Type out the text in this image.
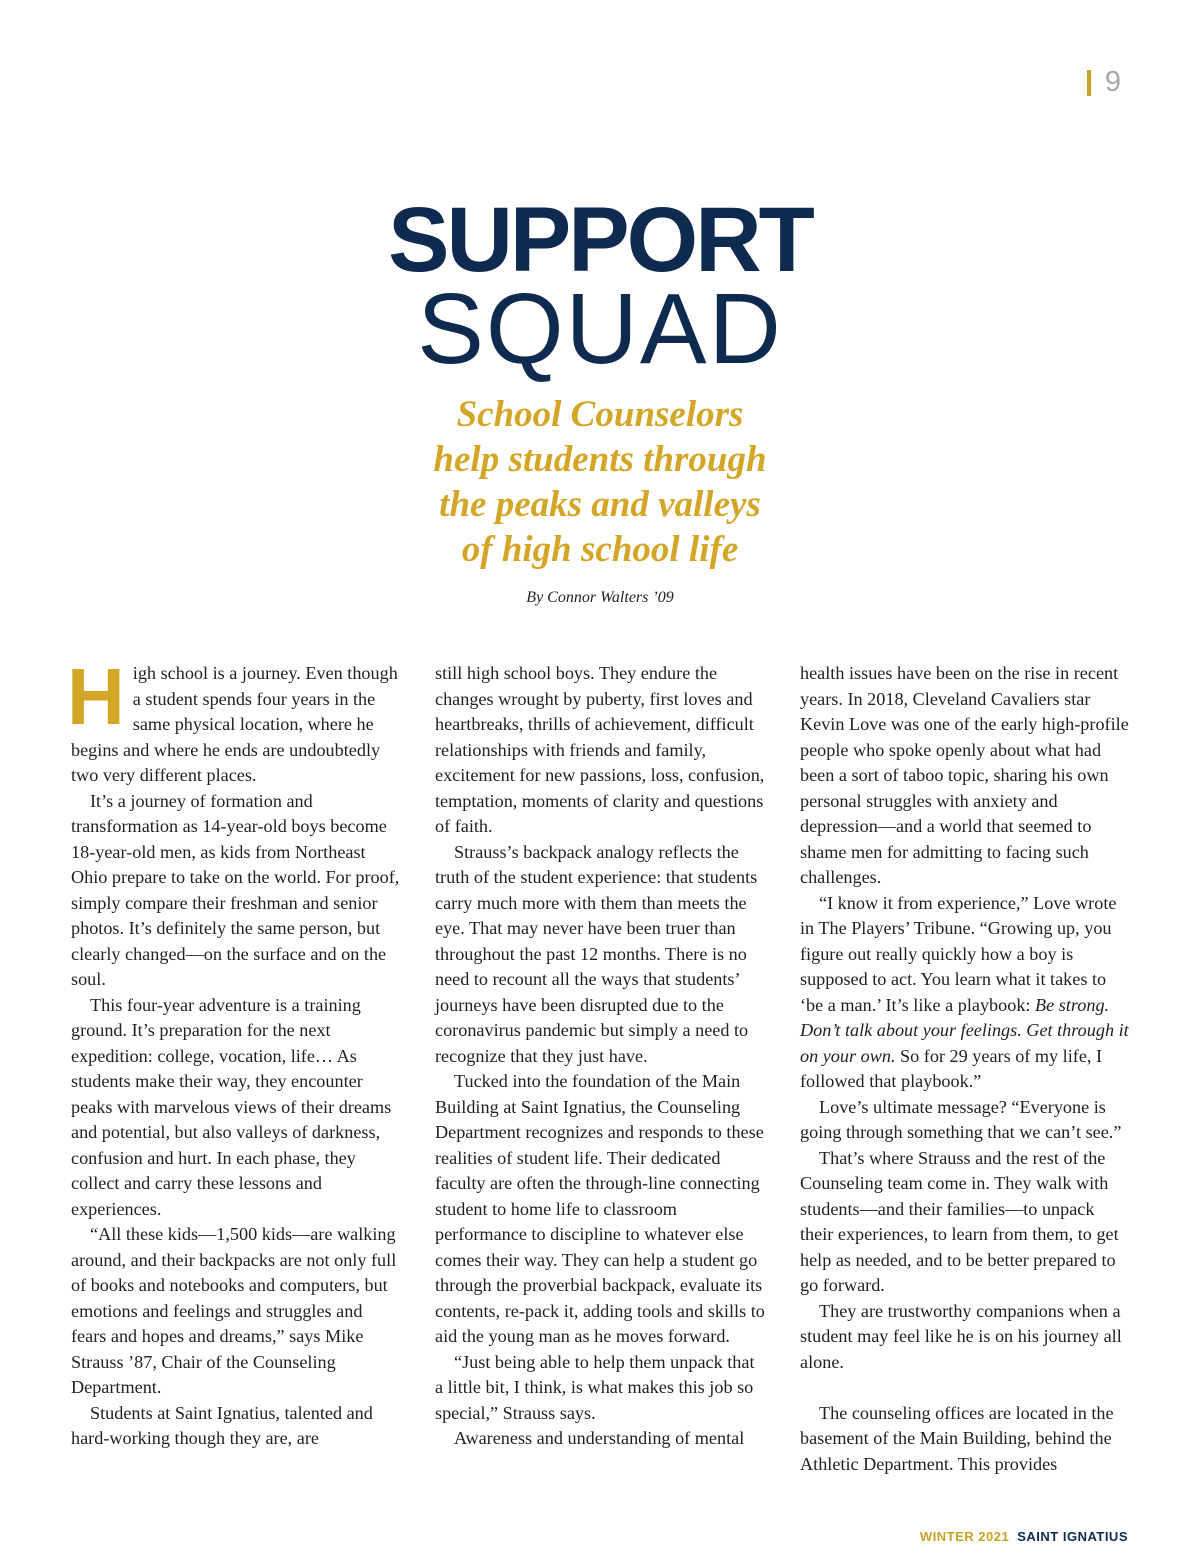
9
SUPPORT
SQUAD
School Counselors
help students through
the peaks and valleys
of high school life
By Connor Walters ’09

High school is a journey. Even though a student spends four years in the same physical location, where he begins and where he ends are undoubtedly two very different places.

It’s a journey of formation and transformation as 14-year-old boys become 18-year-old men, as kids from Northeast Ohio prepare to take on the world. For proof, simply compare their freshman and senior photos. It’s definitely the same person, but clearly changed—on the surface and on the soul.

This four-year adventure is a training ground. It’s preparation for the next expedition: college, vocation, life… As students make their way, they encounter peaks with marvelous views of their dreams and potential, but also valleys of darkness, confusion and hurt. In each phase, they collect and carry these lessons and experiences.

“All these kids—1,500 kids—are walking around, and their backpacks are not only full of books and notebooks and computers, but emotions and feelings and struggles and fears and hopes and dreams,” says Mike Strauss ’87, Chair of the Counseling Department.

Students at Saint Ignatius, talented and hard-working though they are, are

still high school boys. They endure the changes wrought by puberty, first loves and heartbreaks, thrills of achievement, difficult relationships with friends and family, excitement for new passions, loss, confusion, temptation, moments of clarity and questions of faith.

Strauss’s backpack analogy reflects the truth of the student experience: that students carry much more with them than meets the eye. That may never have been truer than throughout the past 12 months. There is no need to recount all the ways that students’ journeys have been disrupted due to the coronavirus pandemic but simply a need to recognize that they just have.

Tucked into the foundation of the Main Building at Saint Ignatius, the Counseling Department recognizes and responds to these realities of student life. Their dedicated faculty are often the through-line connecting student to home life to classroom performance to discipline to whatever else comes their way. They can help a student go through the proverbial backpack, evaluate its contents, re-pack it, adding tools and skills to aid the young man as he moves forward.

“Just being able to help them unpack that a little bit, I think, is what makes this job so special,” Strauss says.

Awareness and understanding of mental

health issues have been on the rise in recent years. In 2018, Cleveland Cavaliers star Kevin Love was one of the early high-profile people who spoke openly about what had been a sort of taboo topic, sharing his own personal struggles with anxiety and depression—and a world that seemed to shame men for admitting to facing such challenges.

“I know it from experience,” Love wrote in The Players’ Tribune. “Growing up, you figure out really quickly how a boy is supposed to act. You learn what it takes to ‘be a man.’ It’s like a playbook: Be strong. Don’t talk about your feelings. Get through it on your own. So for 29 years of my life, I followed that playbook.”

Love’s ultimate message? “Everyone is going through something that we can’t see.”

That’s where Strauss and the rest of the Counseling team come in. They walk with students—and their families—to unpack their experiences, to learn from them, to get help as needed, and to be better prepared to go forward.

They are trustworthy companions when a student may feel like he is on his journey all alone.

The counseling offices are located in the basement of the Main Building, behind the Athletic Department. This provides

WINTER 2021 SAINT IGNATIUS
